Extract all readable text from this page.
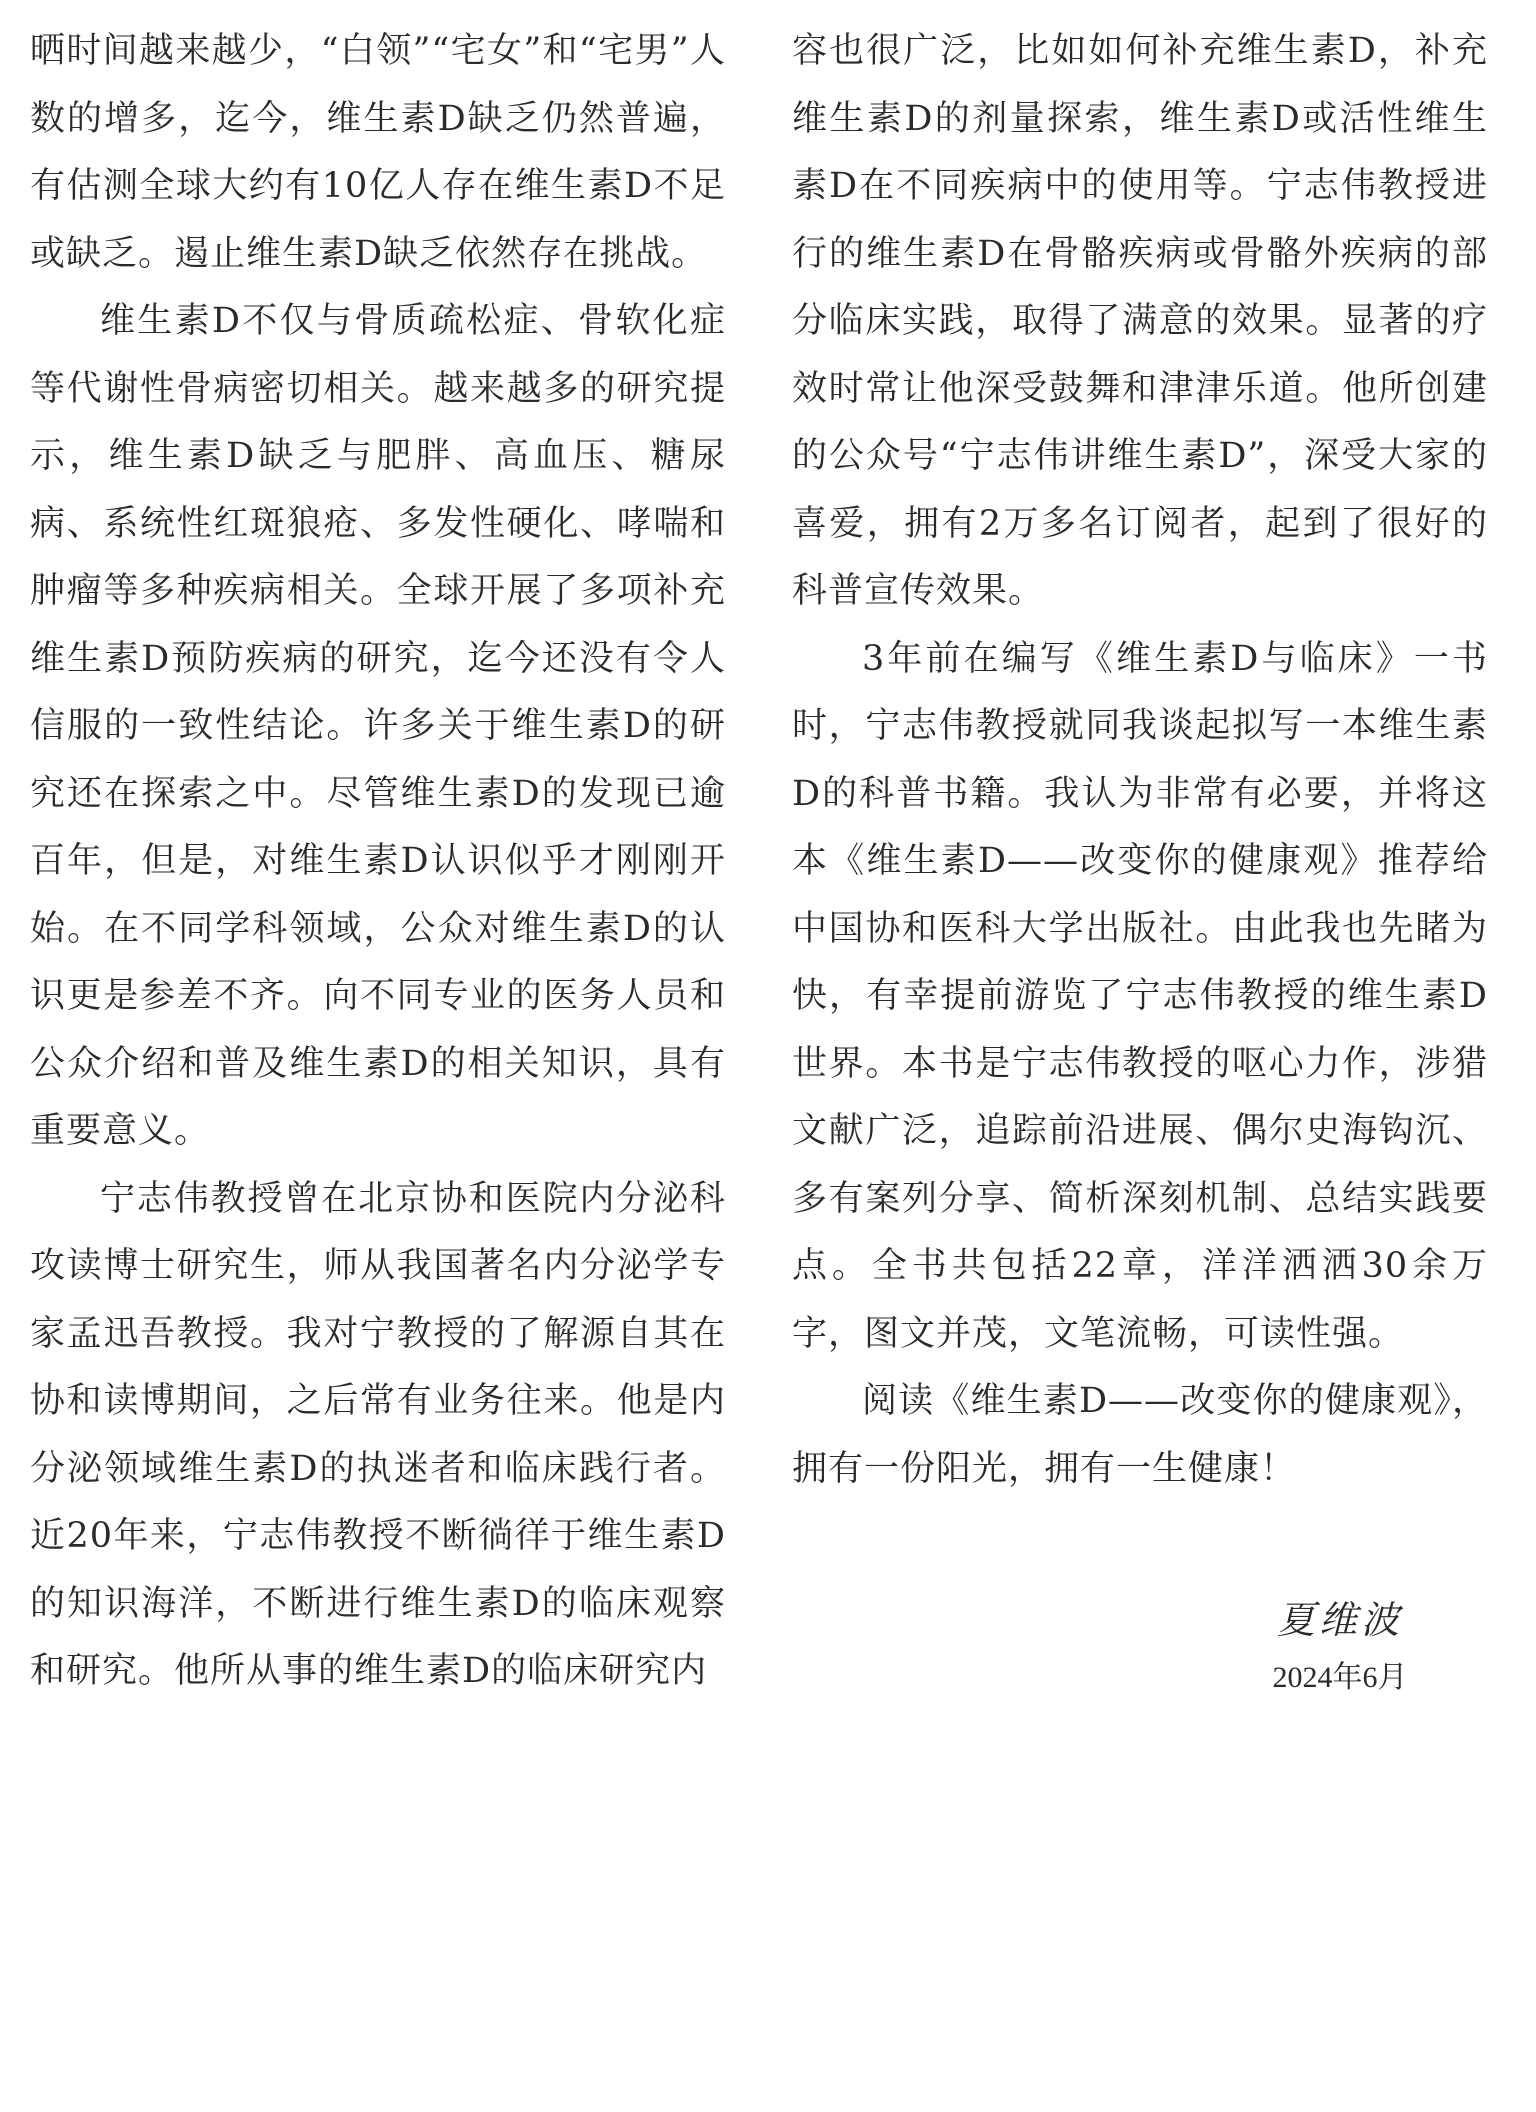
晒时间越来越少，“白领”“宅女”和“宅男”人数的增多，迄今，维生素D缺乏仍然普遍，有估测全球大约有10亿人存在维生素D不足或缺乏。遏止维生素D缺乏依然存在挑战。

维生素D不仅与骨质疏松症、骨软化症等代谢性骨病密切相关。越来越多的研究提示，维生素D缺乏与肥胖、高血压、糖尿病、系统性红斑狼疮、多发性硬化、哮喘和肿瘤等多种疾病相关。全球开展了多项补充维生素D预防疾病的研究，迄今还没有令人信服的一致性结论。许多关于维生素D的研究还在探索之中。尽管维生素D的发现已逾百年，但是，对维生素D认识似乎才刚刚开始。在不同学科领域，公众对维生素D的认识更是参差不齐。向不同专业的医务人员和公众介绍和普及维生素D的相关知识，具有重要意义。

宁志伟教授曾在北京协和医院内分泌科攻读博士研究生，师从我国著名内分泌学专家孟迅吾教授。我对宁教授的了解源自其在协和读博期间，之后常有业务往来。他是内分泌领域维生素D的执迷者和临床践行者。近20年来，宁志伟教授不断徜徉于维生素D的知识海洋，不断进行维生素D的临床观察和研究。他所从事的维生素D的临床研究内

容也很广泛，比如如何补充维生素D，补充维生素D的剂量探索，维生素D或活性维生素D在不同疾病中的使用等。宁志伟教授进行的维生素D在骨骼疾病或骨骼外疾病的部分临床实践，取得了满意的效果。显著的疗效时常让他深受鼓舞和津津乐道。他所创建的公众号“宁志伟讲维生素D”，深受大家的喜爱，拥有2万多名订阅者，起到了很好的科普宣传效果。

3年前在编写《维生素D与临床》一书时，宁志伟教授就同我谈起拟写一本维生素D的科普书籍。我认为非常有必要，并将这本《维生素D——改变你的健康观》推荐给中国协和医科大学出版社。由此我也先睹为快，有幸提前游览了宁志伟教授的维生素D世界。本书是宁志伟教授的呕心力作，涉猎文献广泛，追踪前沿进展、偶尔史海钩沉、多有案列分享、简析深刻机制、总结实践要点。全书共包括22章，洋洋洒洒30余万字，图文并茂，文笔流畅，可读性强。

阅读《维生素D——改变你的健康观》，拥有一份阳光，拥有一生健康！

夏维波
2024年6月
